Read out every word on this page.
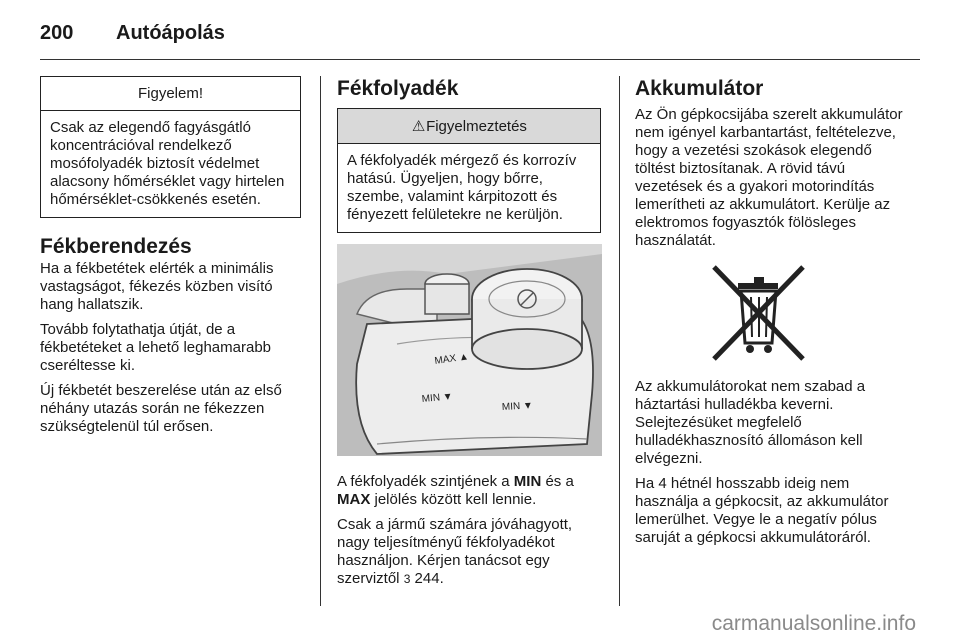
200 Autóápolás
Figyelem!
Csak az elegendő fagyásgátló koncentrációval rendelkező mosófolyadék biztosít védelmet alacsony hőmérséklet vagy hirtelen hőmérséklet-csökkenés esetén.
Fékberendezés

Ha a fékbetétek elérték a minimális vastagságot, fékezés közben visító hang hallatszik.

Tovább folytathatja útját, de a fékbetéteket a lehető leghamarabb cseréltesse ki.

Új fékbetét beszerelése után az első néhány utazás során ne fékezzen szükségtelenül túl erősen.

Fékfolyadék
⚠Figyelmeztetés
A fékfolyadék mérgező és korrozív hatású. Ügyeljen, hogy bőrre, szembe, valamint kárpitozott és fényezett felületekre ne kerüljön.
MAX ▲
MIN ▼
MIN ▼

A fékfolyadék szintjének a MIN és a MAX jelölés között kell lennie.

Csak a jármű számára jóváhagyott, nagy teljesítményű fékfolyadékot használjon. Kérjen tanácsot egy szerviztől 3 244.

Akkumulátor

Az Ön gépkocsijába szerelt akkumulátor nem igényel karbantartást, feltételezve, hogy a vezetési szokások elegendő töltést biztosítanak. A rövid távú vezetések és a gyakori motorindítás lemerítheti az akkumulátort. Kerülje az elektromos fogyasztók fölösleges használatát.

Az akkumulátorokat nem szabad a háztartási hulladékba keverni. Selejtezésüket megfelelő hulladékhasznosító állomáson kell elvégezni.

Ha 4 hétnél hosszabb ideig nem használja a gépkocsit, az akkumulátor lemerülhet. Vegye le a negatív pólus saruját a gépkocsi akkumulátoráról.

carmanualsonline.info
